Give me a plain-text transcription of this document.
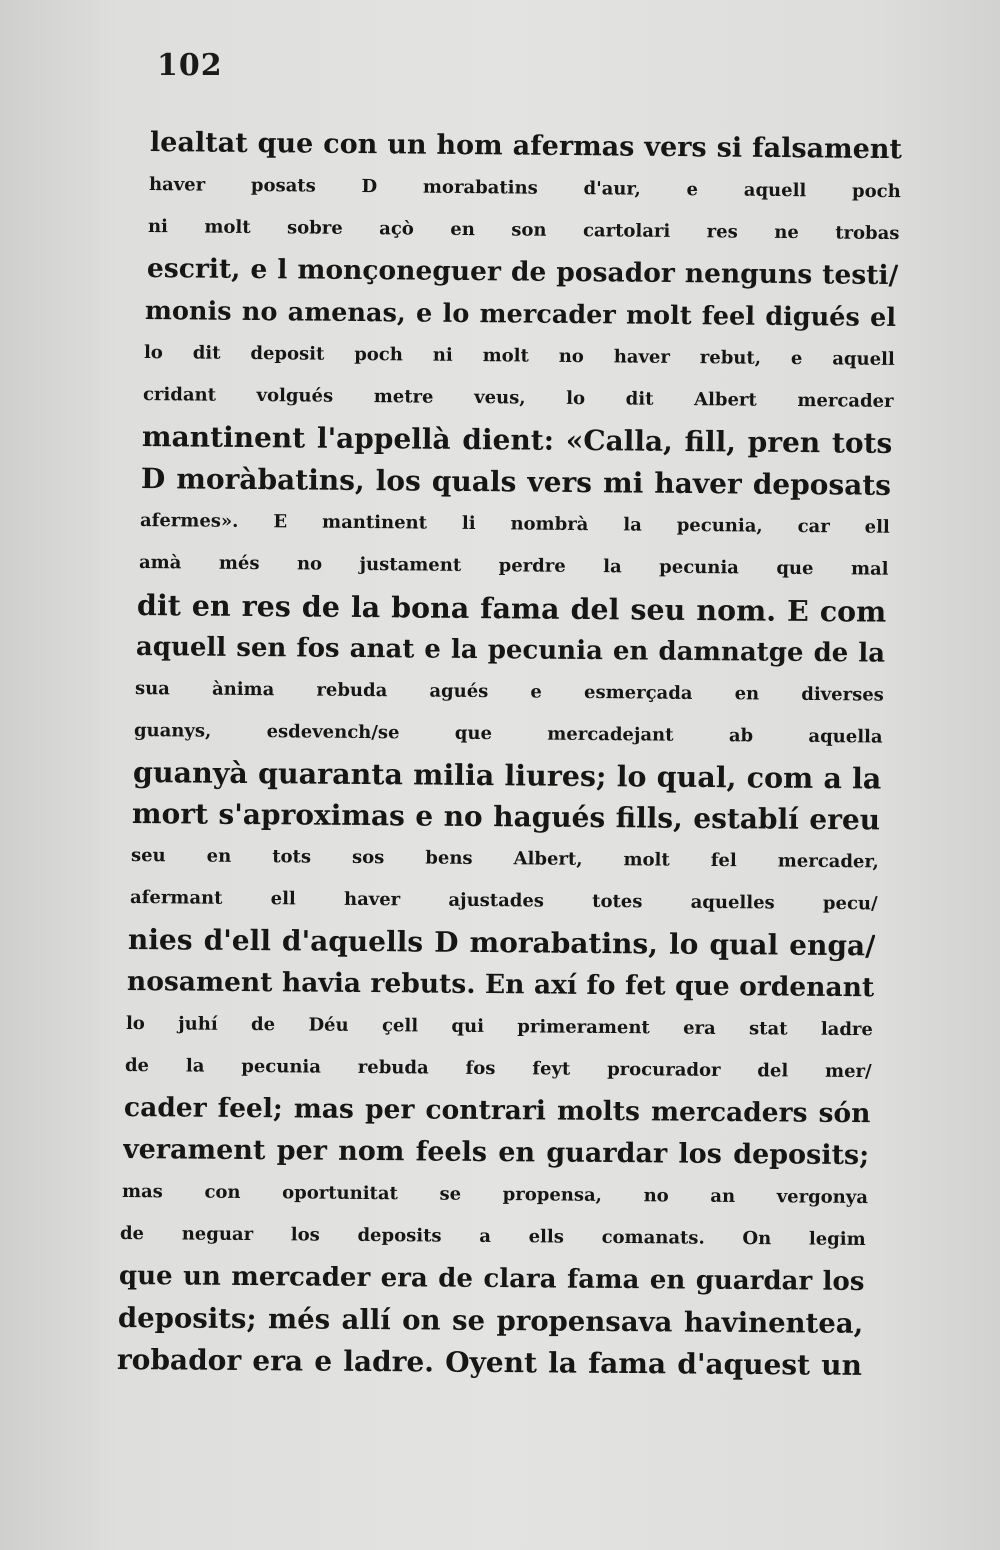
102
lealtat que con un hom afermas vers si falsament
haver posats D morabatins d'aur, e aquell poch
ni molt sobre açò en son cartolari res ne trobas
escrit, e l monçoneguer de posador nenguns testi/
monis no amenas, e lo mercader molt feel digués el
lo dit deposit poch ni molt no haver rebut, e aquell
cridant volgués metre veus, lo dit Albert mercader
mantinent l'appellà dient: «Calla, fill, pren tots
D moràbatins, los quals vers mi haver deposats
afermes». E mantinent li nombrà la pecunia, car ell
amà més no justament perdre la pecunia que mal
dit en res de la bona fama del seu nom. E com
aquell sen fos anat e la pecunia en damnatge de la
sua ànima rebuda agués e esmerçada en diverses
guanys, esdevench/se que mercadejant ab aquella
guanyà quaranta milia liures; lo qual, com a la
mort s'aproximas e no hagués fills, establí ereu
seu en tots sos bens Albert, molt fel mercader,
afermant ell haver ajustades totes aquelles pecu/
nies d'ell d'aquells D morabatins, lo qual enga/
nosament havia rebuts. En axí fo fet que ordenant
lo juhí de Déu çell qui primerament era stat ladre
de la pecunia rebuda fos feyt procurador del mer/
cader feel; mas per contrari molts mercaders són
verament per nom feels en guardar los deposits;
mas con oportunitat se propensa, no an vergonya
de neguar los deposits a ells comanats. On legim
que un mercader era de clara fama en guardar los
deposits; més allí on se propensava havinentea,
robador era e ladre. Oyent la fama d'aquest un
